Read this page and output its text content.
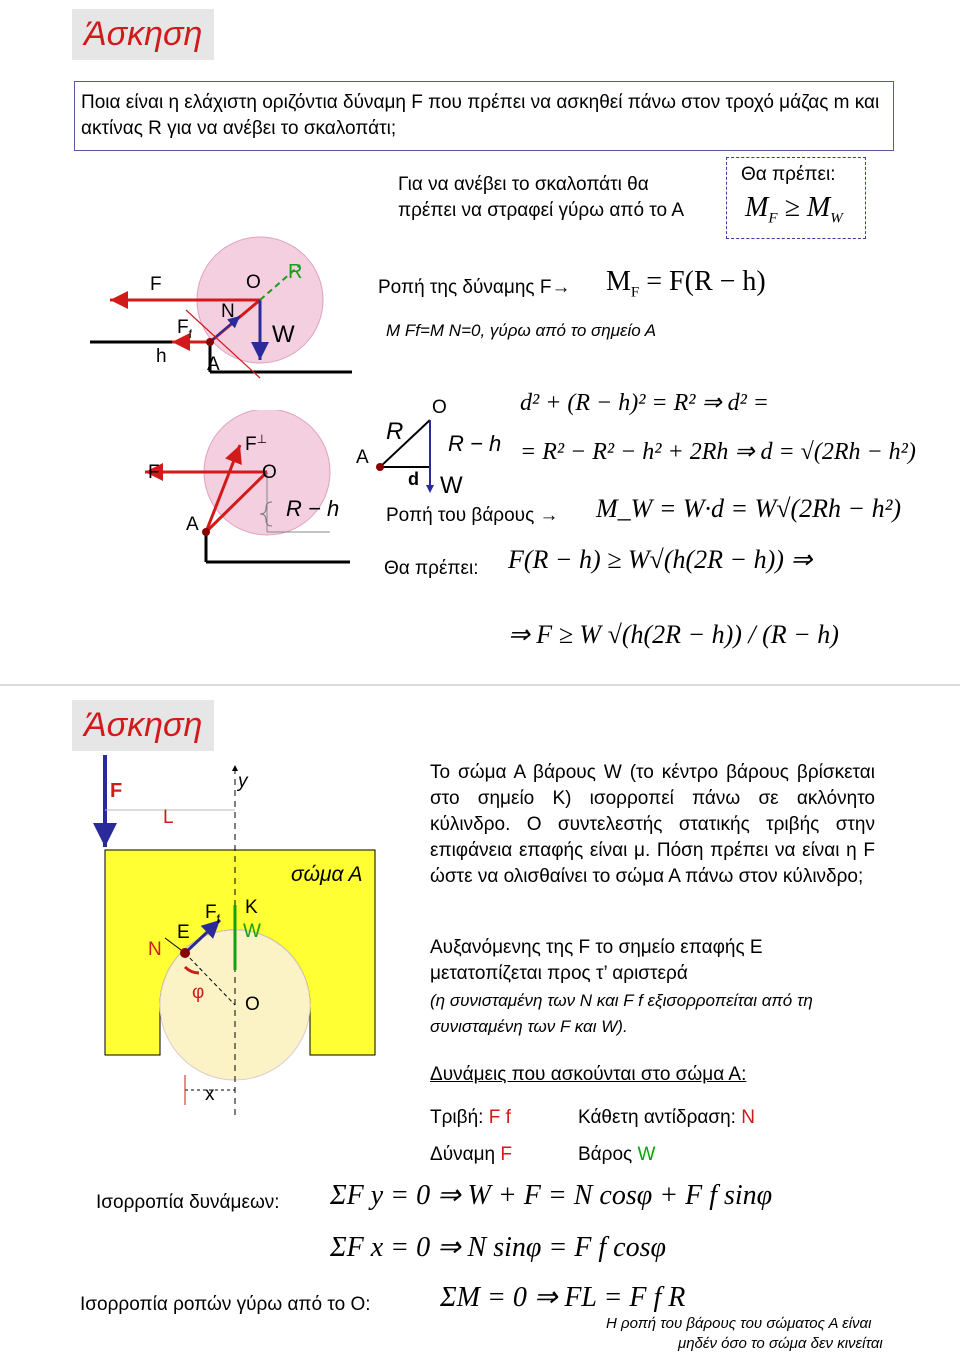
Άσκηση
Ποια είναι η ελάχιστη οριζόντια δύναμη F που πρέπει να ασκηθεί πάνω στον τροχό μάζας m και ακτίνας R για να ανέβει το σκαλοπάτι;
Για να ανέβει το σκαλοπάτι θα
πρέπει να στραφεί γύρω από το Α
Θα πρέπει:
$M_F \ge M_W$
F	O R
$F_f$
N
h A
W
Ροπή της δύναμης $F\to M_F = F(R - h)$
M Ff=M N=0, γύρω από το σημείο Α
F
F⊥
O
A
R − h
O
R R − h
A
d W
d² + (R − h)² = R² ⇒ d² =
= R² − R² − h² + 2Rh ⇒ d = √(2Rh − h²)
Ροπή του βάρους → M_W = W·d = W√(2Rh − h²)
Θα πρέπει: F(R − h) ≥ W√(h(2R − h)) ⇒
⇒ F ≥ W √(h(2R − h)) / (R − h)
Άσκηση
F
L
y
σώμα Α
$F_f$
K
W
N
E
φ
O
x
Το σώμα Α βάρους W (το κέντρο βάρους βρίσκεται στο σημείο Κ) ισορροπεί πάνω σε ακλόνητο κύλινδρο. Ο συντελεστής στατικής τριβής στην επιφάνεια επαφής είναι μ. Πόση πρέπει να είναι η F ώστε να ολισθαίνει το σώμα Α πάνω στον κύλινδρο;
Αυξανόμενης της F το σημείο επαφής Ε μετατοπίζεται προς τ’ αριστερά
(η συνισταμένη των N και F f εξισορροπείται από τη συνισταμένη των F και W).
Δυνάμεις που ασκούνται στο σώμα Α:
Τριβή: F f	Κάθετη αντίδραση: N
Δύναμη F	Βάρος W
Ισορροπία δυνάμεων: ΣF y = 0 ⇒ W + F = N cosφ + F f sinφ
ΣF x = 0 ⇒ N sinφ = F f cosφ
Ισορροπία ροπών γύρω από το Ο: ΣM = 0 ⇒ FL = F f R
Η ροπή του βάρους του σώματος Α είναι
μηδέν όσο το σώμα δεν κινείται
